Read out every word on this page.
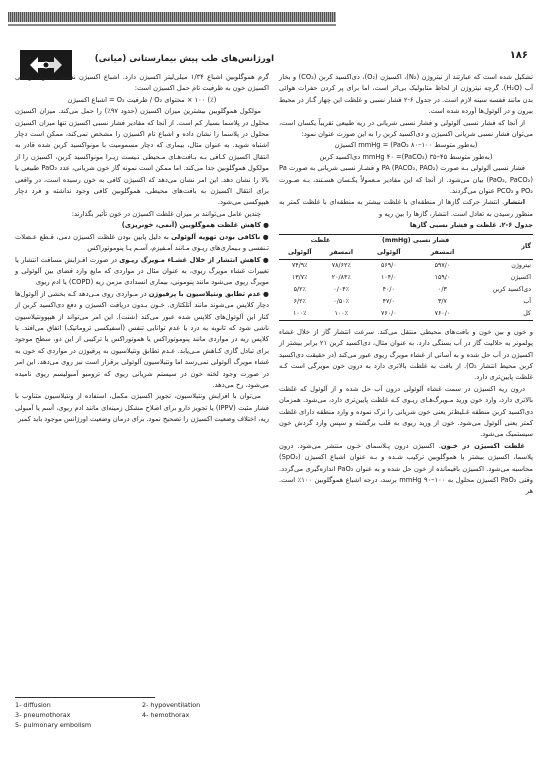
اورژانس‌های طب پیش بیمارستانی (میانی)	۱۸۶

تشکیل شده است که عبارتند از نیتروژن (N₂)، اکسیژن (O₂)، دی‌اکسید کربن (CO₂) و بخار آب (H₂O). گرچه نیتروژن از لحاظ متابولیک بی‌اثر است، اما برای پر کردن حفرات هوائی بدن مانند قفسه سینه لازم است. در جدول ۶-۲ فشار نسبی و غلظت این چهار گـاز در محیط بیرون و در آلوئول‌ها آورده شده است.

از آنجا که فشار نسبی آلوئولی و فشار نسبی شریانی در ریه طبیعی تقریباً یکسان است، می‌توان فشار نسبی شریانی اکسیژن و دی‌اکسید کربن را به این صورت عنوان نمود:

(به‌طور متوسط ۱۰۰–۸۰ mmHg = (PaO₂ اکسیژن

(به‌طور متوسط ۴۵–۳۵ mmHg ۴۰ =(PaCO₂) دی‌اکسید کربن

فشار نسبی آلوئولی بـه صورت PA (PACO₂, PAO₂) و فشـار نسبی شریانی به صورت Pa (PaO₂, PaCO₂) بیان می‌شود. از آنجا که این مقادیر مـعمولاً یکـسان هسـتند، بـه صـورت PO₂ و PCO₂ عنوان می‌گردند.

انتشار. انتشار حرکت گازها از منطقه‌ای با غلظت بیشتر به منطقه‌ای با غلظت کمتر به منظور رسیدن به تعادل است. انتشار، گازها را بین ریه و

جدول ۶-۲. غلظت و فشار نسبی گازها
گاز	فشار نسبی (mmHg)		غلظت	
	اتمسفر	آلوئولی	اتمسفر	آلوئولی
نیتروژن	۵۹۷/۰	۵۶۹/۰	۷۸/۶۲٪	۷۴/۹٪
اکسیژن	۱۵۹/۰	۱۰۴/۰	۲۰/۸۴٪	۱۳/۷٪
دی‌اکسید کربن	۰/۳	۴۰/۰	۰/۰۴٪	۵/۲٪
آب	۳/۷	۴۷/۰	۰/۵۰٪	۶/۲٪
کل	۷۶۰/۰	۷۶۰/۰	۱۰۰٪	۱۰۰٪

و خون و بین خون و بافت‌های محیطی منتقل می‌کند. سرعت انتشار گاز از خلال غشاء پولمونر به حلالیت گاز در آب بستگی دارد. به عنوان مثال، دی‌اکسید کربن ۲۱ برابر بیشتر از اکسیژن در آب حل شده و به آسانی از غشاء مویرگ ریوی عبور می‌کند (در حقیقت دی‌اکسید کربن محیط انتشار O₂). از بافت به غلظت بالاتری دارد به درون خون مویرگی است کـه غلظت پایین‌تری دارد.

درون ریه اکسیژن در سمت غشاء آلوئولی درون آب حل شده و از آلوئول که غلظت بالاتری دارد، وارد خون ورید مـویرگ‌هـای ریـوی کـه غلظت پایین‌تری دارد، می‌شود. همزمان دی‌اکسید کربن منطقه غـلیظ‌تر یعنی خون شریانی را ترک نموده و وارد منطقه دارای غلظت کمتر یعنی آلوئول می‌شود. خون از ورید ریوی به قلب برگشته و سپس وارد گردش خون سیستمیک می‌شود.

غلظت اکسیژن در خـون. اکسیژن درون پـلاسمای خـون منتشر می‌شود. درون پلاسما، اکسیژن بیشتر با هموگلوبین ترکیب شـده و بـه عنوان اشباع اکسیژن (SpO₂) محاسبه می‌شود. اکسیژن باقیمانده از خون حل شده و به عنوان PaO₂ اندازه‌گیری می‌گردد. وقتی PaO₂ اکسیژن محلول به ۱۰۰–۹۰ mmHg برسد، درجه اشباع هموگلوبین ۱۰۰٪ است. هر

گرم هموگلوبین اشباع ۱/۳۴ میلی‌لیتر اکسیژن دارد. اشباع اکسیژن نسبت محتوای واقعی اکسیژن خون به ظرفیت تام حمل اکسیژن است:

(٪) ۱۰۰ × محتوای O₂ / ظرفیت O₂ = اشباع اکسیژن

مولکول هموگلوبین بیشترین میزان اکسیژن (حدود ۹۷٪) را حمل می‌کند. میزان اکسیژن محلول در پلاسما بسیار کم است. از آنجا که مقادیر فشار نسبی اکسیژن تنها میزان اکسیژن محلول در پلاسما را نشان داده و اشباع تام اکسیژن را مشخص نمی‌کند، ممکن است دچار اشتباه شوید. به عنوان مثال، بیماری که دچار مسمومیت با مونواکسید کربن شده قادر به انتقال اکسیژن کـافی بـه بـافت‌هـای مـحیطی نـیست زیـرا مونواکسید کربن، اکسیژن را از مولکول هموگلوبین جدا می‌کند. اما ممکن است نمونه گاز خون شریانی، عدد PaO₂ طبیعی یا بالا را نشان دهد. این امر نشان می‌دهد که اکسیژن کافی به خون رسیده است، در واقعی برای انتقال اکسیژن به بافت‌های محیطی، هموگلوبین کافی وجود نداشته و فرد دچار هیپوکسی می‌شود.

چندین عامل می‌توانند بر میزان غلظت اکسیژن در خون تأثیر بگذارند:

● کاهش غلظت هموگلوبین (آنمی، خونریزی)

● ناکافی بودن تهویه آلوئولی به دلیل پایین بودن غلظت اکسیژن دمی، قـطع عـضلات تـنفسی و بـیماری‌های ریـوی مـانند آمـفیزم، آسـم یـا پنوموتوراکس

● کاهش انتشار از خلال غشـاء مـویرگ ریـوی در صورت افـزایش مسافت انتشار یا تغییرات غشاء مویرگ ریوی، به عنوان مثال در مواردی که مایع وارد فضای بین آلوئولی و مویرگ ریوی می‌شود مانند پنومونی، بیماری انسدادی مزمن ریه (COPD) یا ادم ریوی

● عدم تطابق ونتیلاسیون با پرفیوژن در مـواردی روی مـی‌دهد کـه بخشی از آلوئول‌ها دچار کلاپس می‌شوند مانند آتلکتازی. خـون بـدون دریافت اکسیژن و دفع دی‌اکسید کربن از کنار این آلوئول‌های کلاپس شده عبور می‌کند (شنت). این امر می‌تواند از هیپوونتیلاسیون ناشی شود که ثانویه به درد یا عدم توانایی تنفس (آسفیکسی تروماتیک) اتفاق می‌افتد. یا کلاپس ریه در مواردی مانند پنوموتوراکس یا هموتوراکس یا ترکیبی از این دو، سطح موجود برای تبادل گازی کـاهش مـی‌یابد. عـدم تطابق ونتیلاسیون به پرفیوژن در مواردی که خون به غشاء مویرگ آلوئولی نمی‌رسد اما ونتیلاسیون آلوئولی برقرار است نیز روی می‌دهد. این امر در صورت وجود لخته خون در سیستم شریانی ریوی که ترومبو آمبولیسم ریوی نامیده می‌شود، رخ می‌دهد.

می‌توان با افزایش ونتیلاسیون، تجویز اکسیژن مکمل، استفاده از ونتیلاسیون متناوب با فشار مثبت (IPPV) یا تجویز دارو برای اصلاح مشکل زمینه‌ای مانند ادم ریوی، آسم یا آمبولی ریه، اختلاف وضعیت اکسیژن را تصحیح نمود. برای درمان وضعیت اورژانس موجود باید کمبر

1- diffusion	2- hypoventilation
3- pneumothorax	4- hemothorax
5- pulmonary embolism
